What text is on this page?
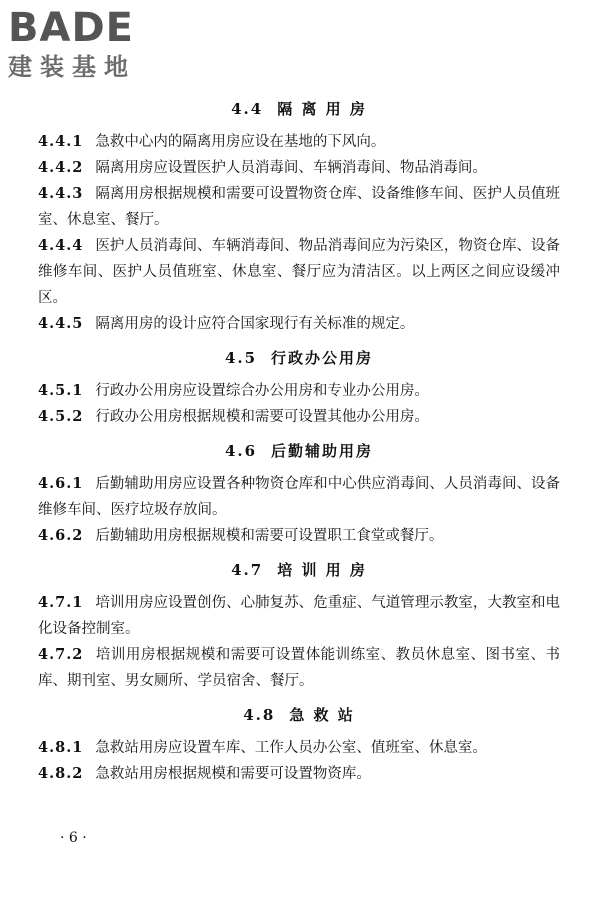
BADE
建装基地
4.4 隔 离 用 房

4.4.1 急救中心内的隔离用房应设在基地的下风向。

4.4.2 隔离用房应设置医护人员消毒间、车辆消毒间、物品消毒间。

4.4.3 隔离用房根据规模和需要可设置物资仓库、设备维修车间、医护人员值班室、休息室、餐厅。

4.4.4 医护人员消毒间、车辆消毒间、物品消毒间应为污染区，物资仓库、设备维修车间、医护人员值班室、休息室、餐厅应为清洁区。以上两区之间应设缓冲区。

4.4.5 隔离用房的设计应符合国家现行有关标准的规定。

4.5 行政办公用房

4.5.1 行政办公用房应设置综合办公用房和专业办公用房。

4.5.2 行政办公用房根据规模和需要可设置其他办公用房。

4.6 后勤辅助用房

4.6.1 后勤辅助用房应设置各种物资仓库和中心供应消毒间、人员消毒间、设备维修车间、医疗垃圾存放间。

4.6.2 后勤辅助用房根据规模和需要可设置职工食堂或餐厅。

4.7 培 训 用 房

4.7.1 培训用房应设置创伤、心肺复苏、危重症、气道管理示教室，大教室和电化设备控制室。

4.7.2 培训用房根据规模和需要可设置体能训练室、教员休息室、图书室、书库、期刊室、男女厕所、学员宿舍、餐厅。

4.8 急 救 站

4.8.1 急救站用房应设置车库、工作人员办公室、值班室、休息室。

4.8.2 急救站用房根据规模和需要可设置物资库。

· 6 ·
